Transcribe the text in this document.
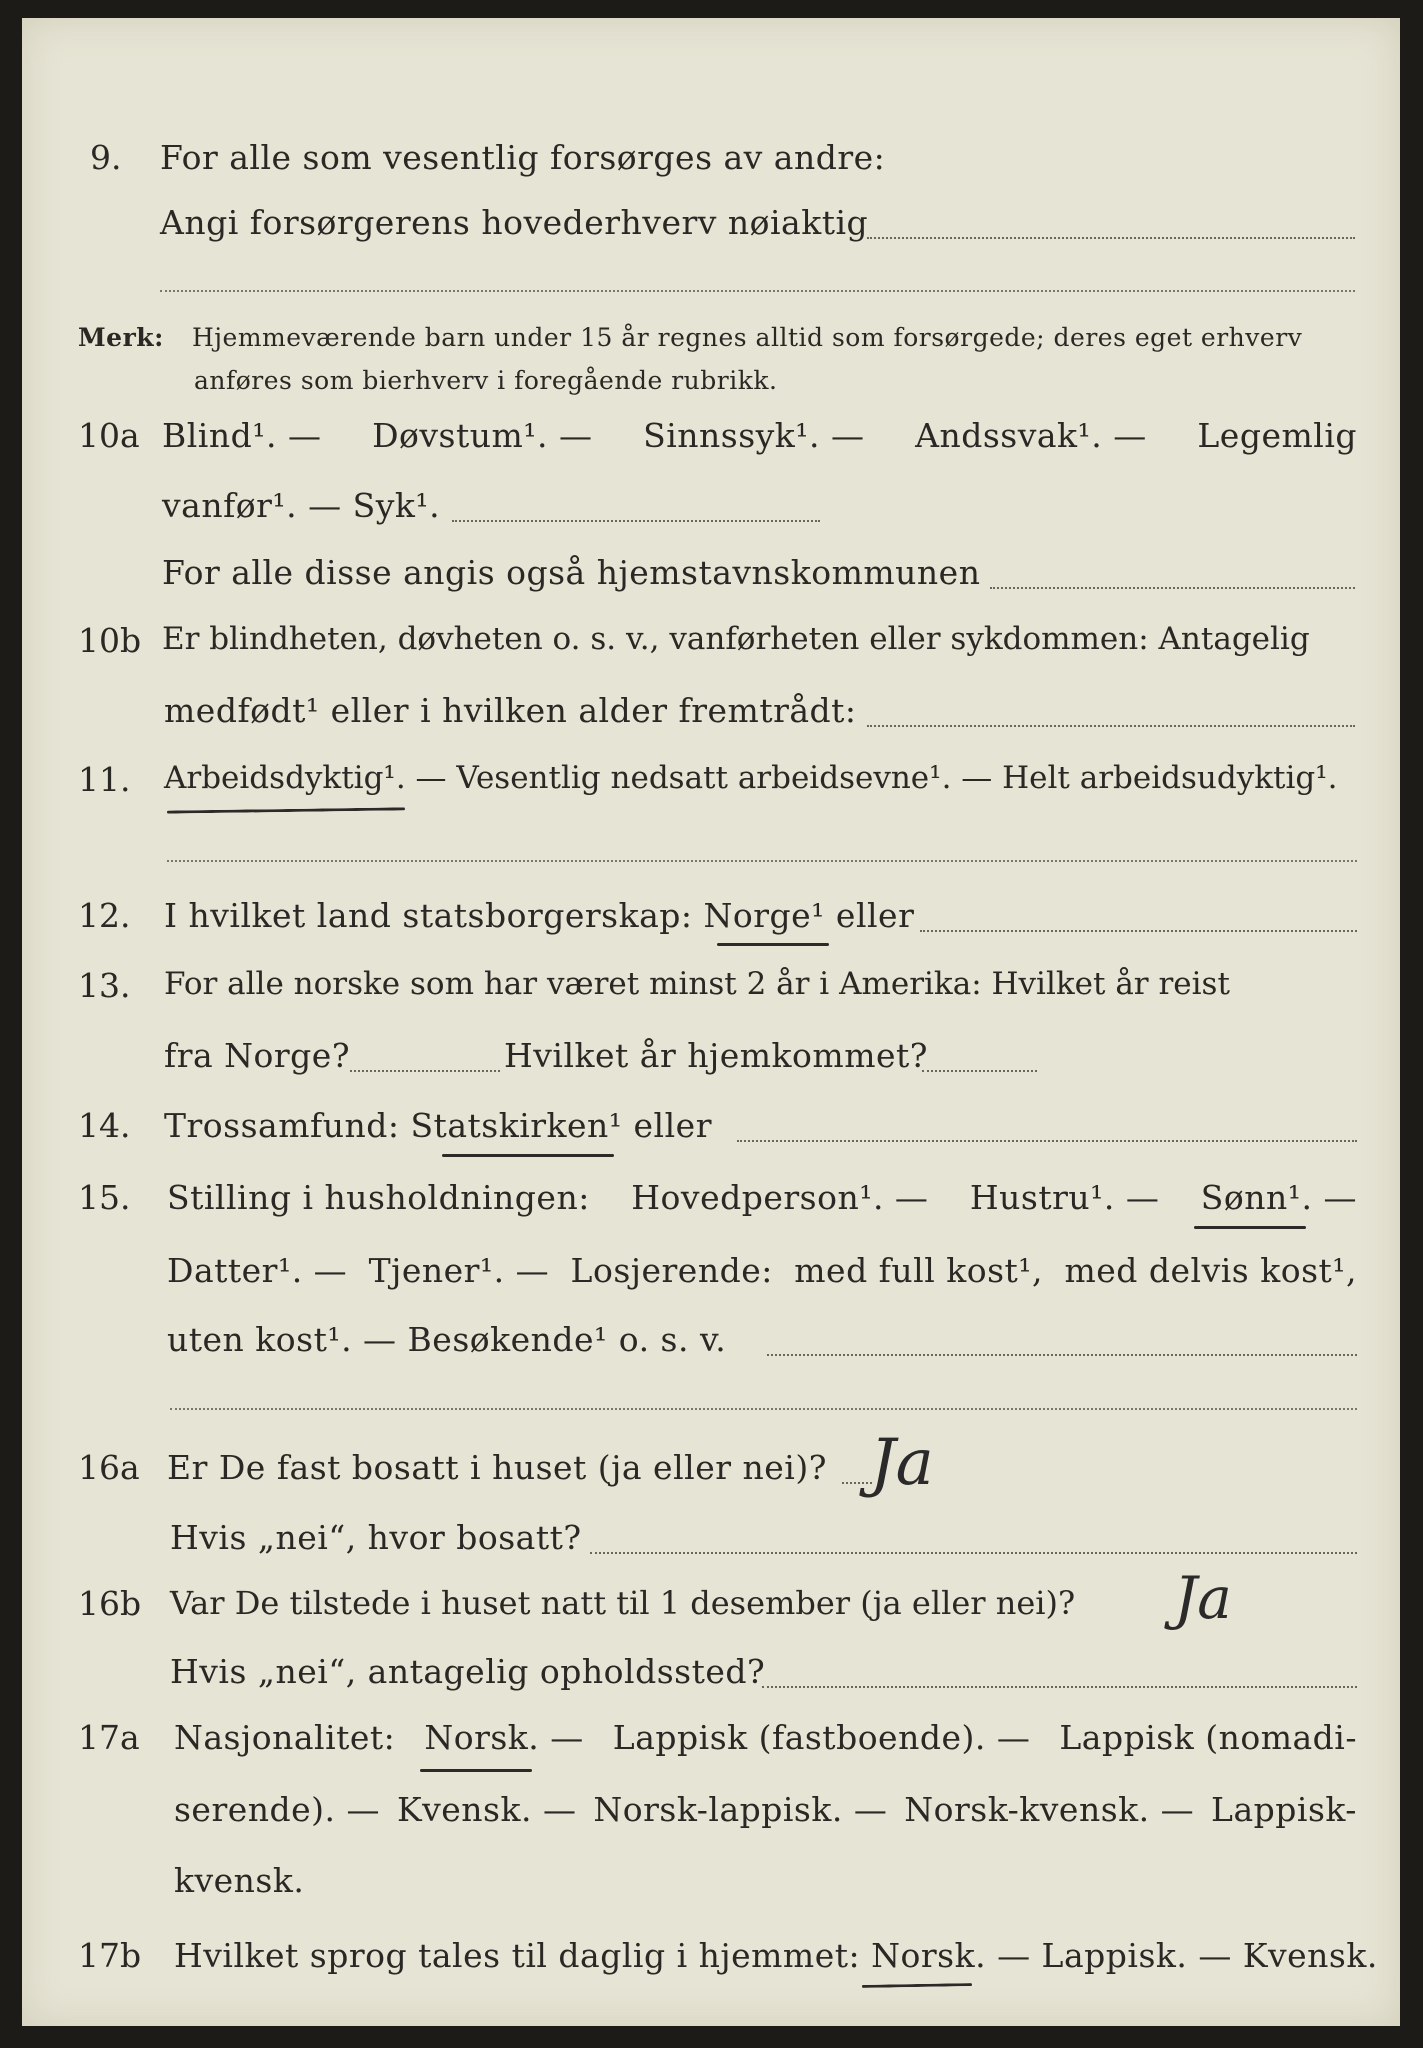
9. For alle som vesentlig forsørges av andre:
Angi forsørgerens hovederhverv nøiaktig
Merk: Hjemmeværende barn under 15 år regnes alltid som forsørgede; deres eget erhverv
anføres som bierhverv i foregående rubrikk.
10a Blind¹. — Døvstum¹. — Sinnssyk¹. — Andssvak¹. — Legemlig
vanfør¹. — Syk¹.
For alle disse angis også hjemstavnskommunen
10b Er blindheten, døvheten o. s. v., vanførheten eller sykdommen: Antagelig
medfødt¹ eller i hvilken alder fremtrådt:
11. Arbeidsdyktig¹. — Vesentlig nedsatt arbeidsevne¹. — Helt arbeidsudyktig¹.
12. I hvilket land statsborgerskap: Norge¹ eller
13. For alle norske som har været minst 2 år i Amerika: Hvilket år reist
fra Norge?	Hvilket år hjemkommet?
14. Trossamfund: Statskirken¹ eller
15. Stilling i husholdningen: Hovedperson¹. — Hustru¹. — Sønn¹. —
Datter¹. — Tjener¹. — Losjerende: med full kost¹, med delvis kost¹,
uten kost¹. — Besøkende¹ o. s. v.
16a Er De fast bosatt i huset (ja eller nei)? Ja
Hvis „nei“, hvor bosatt?
16b Var De tilstede i huset natt til 1 desember (ja eller nei)? Ja
Hvis „nei“, antagelig opholdssted?
17a Nasjonalitet: Norsk. — Lappisk (fastboende). — Lappisk (nomadi-
serende). — Kvensk. — Norsk-lappisk. — Norsk-kvensk. — Lappisk-
kvensk.
17b Hvilket sprog tales til daglig i hjemmet: Norsk. — Lappisk. — Kvensk.
